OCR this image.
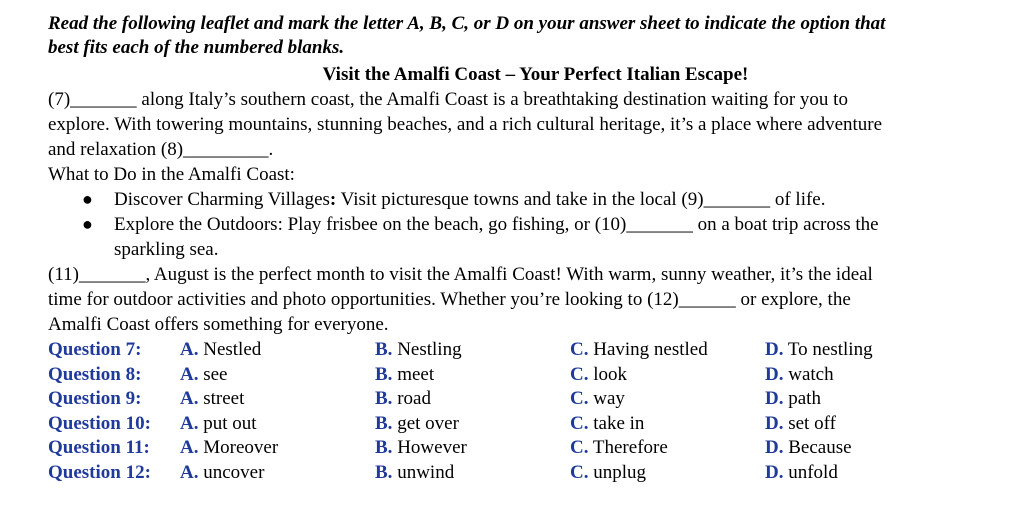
Read the following leaflet and mark the letter A, B, C, or D on your answer sheet to indicate the option that
best fits each of the numbered blanks.

Visit the Amalfi Coast – Your Perfect Italian Escape!

(7)_______ along Italy’s southern coast, the Amalfi Coast is a breathtaking destination waiting for you to
explore. With towering mountains, stunning beaches, and a rich cultural heritage, it’s a place where adventure
and relaxation (8)_________.

What to Do in the Amalfi Coast:

● Discover Charming Villages: Visit picturesque towns and take in the local (9)_______ of life.
● Explore the Outdoors: Play frisbee on the beach, go fishing, or (10)_______ on a boat trip across the
sparkling sea.

(11)_______, August is the perfect month to visit the Amalfi Coast! With warm, sunny weather, it’s the ideal
time for outdoor activities and photo opportunities. Whether you’re looking to (12)______ or explore, the
Amalfi Coast offers something for everyone.

Question 7:	A. Nestled	B. Nestling	C. Having nestled	D. To nestling
Question 8:	A. see	B. meet	C. look	D. watch
Question 9:	A. street	B. road	C. way	D. path
Question 10:	A. put out	B. get over	C. take in	D. set off
Question 11:	A. Moreover	B. However	C. Therefore	D. Because
Question 12:	A. uncover	B. unwind	C. unplug	D. unfold
